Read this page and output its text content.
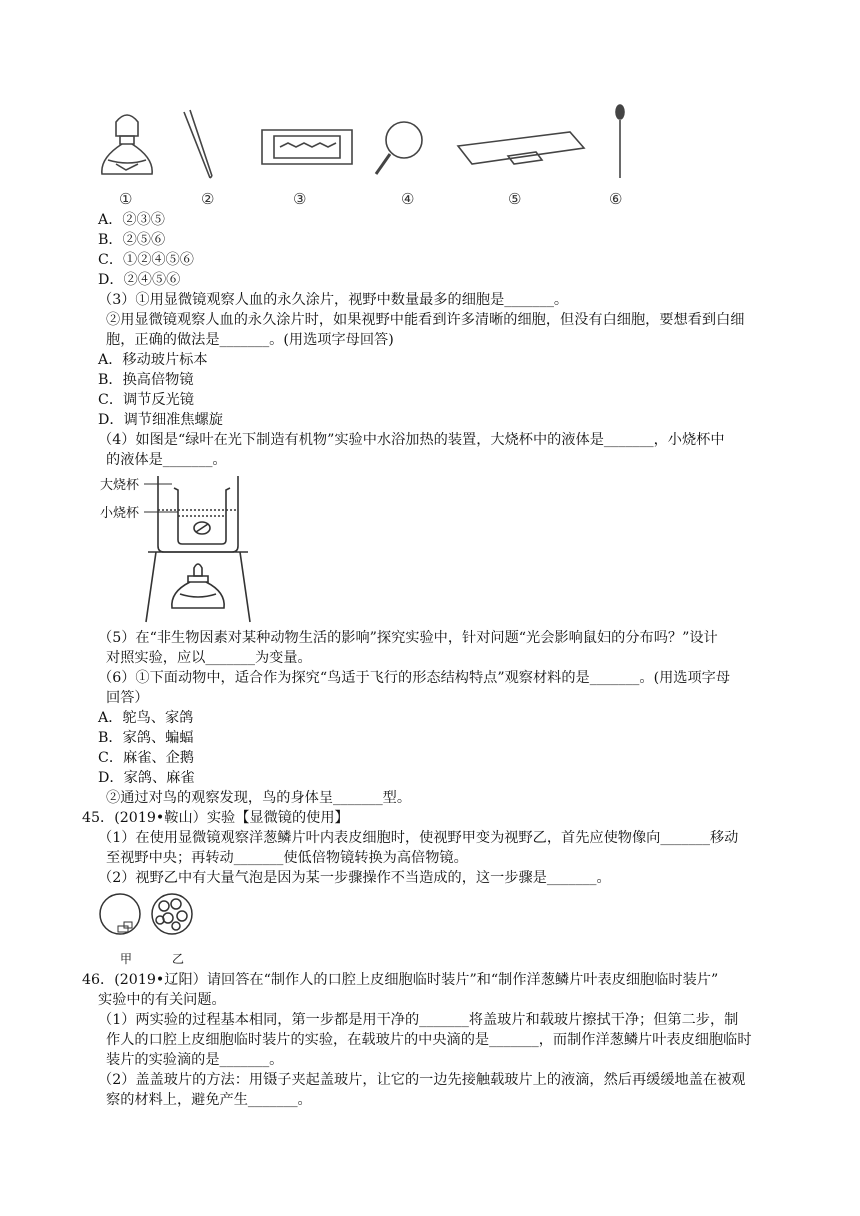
①	②	③	④	⑤	⑥
A．②③⑤
B．②⑤⑥
C．①②④⑤⑥
D．②④⑤⑥
（3）①用显微镜观察人血的永久涂片，视野中数量最多的细胞是_______。
②用显微镜观察人血的永久涂片时，如果视野中能看到许多清晰的细胞，但没有白细胞，要想看到白细
胞，正确的做法是_______。(用选项字母回答)
A．移动玻片标本
B．换高倍物镜
C．调节反光镜
D．调节细准焦螺旋
（4）如图是“绿叶在光下制造有机物”实验中水浴加热的装置，大烧杯中的液体是_______，小烧杯中
的液体是_______。
大烧杯
小烧杯
（5）在“非生物因素对某种动物生活的影响”探究实验中，针对问题“光会影响鼠妇的分布吗？”设计
对照实验，应以_______为变量。
（6）①下面动物中，适合作为探究“鸟适于飞行的形态结构特点”观察材料的是_______。(用选项字母
回答）
A．鸵鸟、家鸽
B．家鸽、蝙蝠
C．麻雀、企鹅
D．家鸽、麻雀
②通过对鸟的观察发现，鸟的身体呈_______型。
45．(2019•鞍山）实验【显微镜的使用】
（1）在使用显微镜观察洋葱鳞片叶内表皮细胞时，使视野甲变为视野乙，首先应使物像向_______移动
至视野中央；再转动_______使低倍物镜转换为高倍物镜。
（2）视野乙中有大量气泡是因为某一步骤操作不当造成的，这一步骤是_______。
甲	乙
46．(2019•辽阳）请回答在“制作人的口腔上皮细胞临时装片”和“制作洋葱鳞片叶表皮细胞临时装片”
实验中的有关问题。
（1）两实验的过程基本相同，第一步都是用干净的_______将盖玻片和载玻片擦拭干净；但第二步，制
作人的口腔上皮细胞临时装片的实验，在载玻片的中央滴的是_______，而制作洋葱鳞片叶表皮细胞临时
装片的实验滴的是_______。
（2）盖盖玻片的方法：用镊子夹起盖玻片，让它的一边先接触载玻片上的液滴，然后再缓缓地盖在被观
察的材料上，避免产生_______。
